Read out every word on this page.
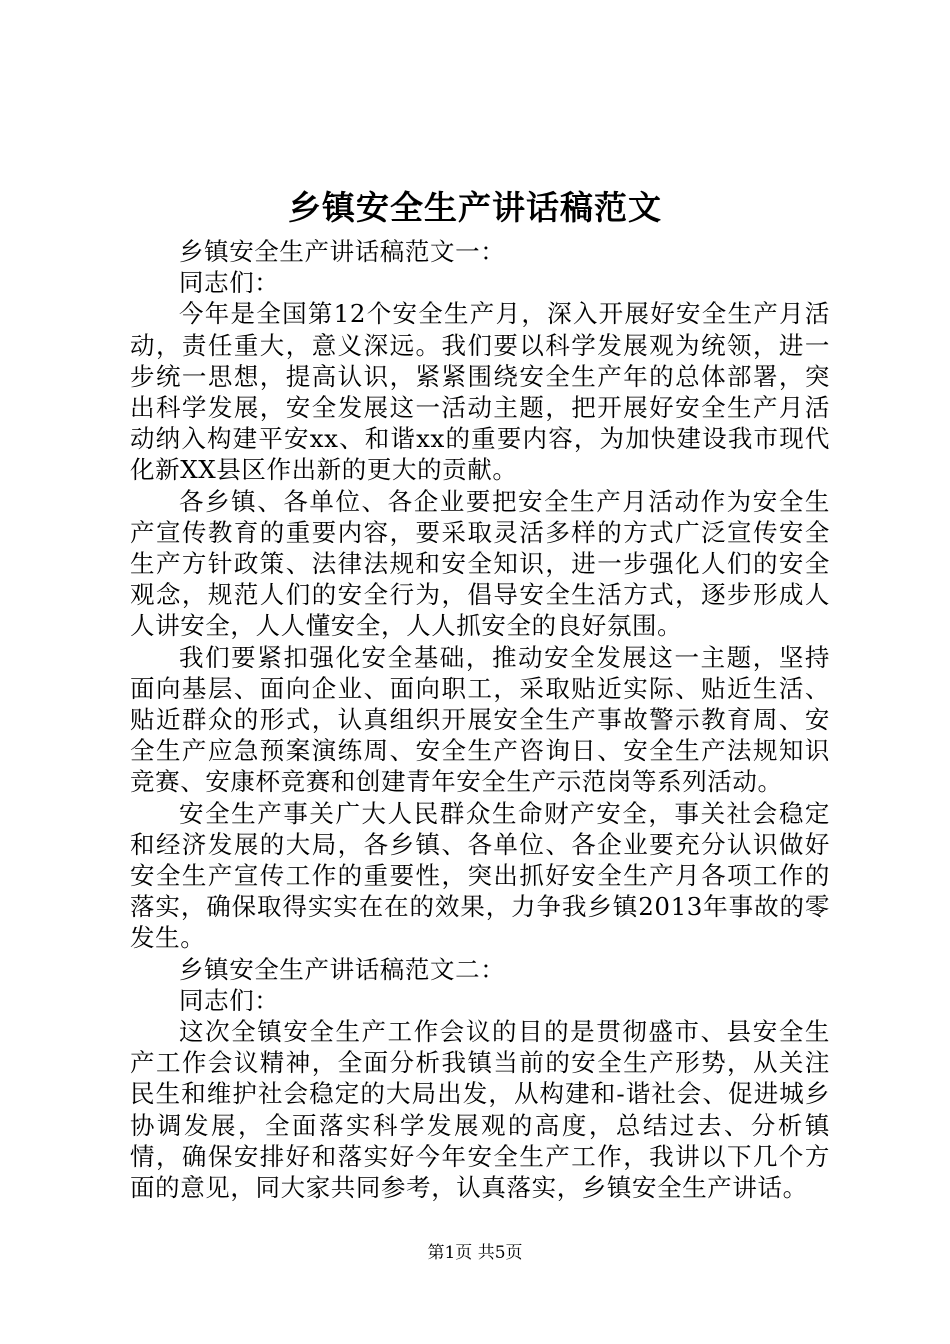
乡镇安全生产讲话稿范文

乡镇安全生产讲话稿范文一：

同志们：

今年是全国第12个安全生产月，深入开展好安全生产月活动，责任重大，意义深远。我们要以科学发展观为统领，进一步统一思想，提高认识，紧紧围绕安全生产年的总体部署，突出科学发展，安全发展这一活动主题，把开展好安全生产月活动纳入构建平安xx、和谐xx的重要内容，为加快建设我市现代化新XX县区作出新的更大的贡献。

各乡镇、各单位、各企业要把安全生产月活动作为安全生产宣传教育的重要内容，要采取灵活多样的方式广泛宣传安全生产方针政策、法律法规和安全知识，进一步强化人们的安全观念，规范人们的安全行为，倡导安全生活方式，逐步形成人人讲安全，人人懂安全，人人抓安全的良好氛围。

我们要紧扣强化安全基础，推动安全发展这一主题，坚持面向基层、面向企业、面向职工，采取贴近实际、贴近生活、贴近群众的形式，认真组织开展安全生产事故警示教育周、安全生产应急预案演练周、安全生产咨询日、安全生产法规知识竞赛、安康杯竞赛和创建青年安全生产示范岗等系列活动。

安全生产事关广大人民群众生命财产安全，事关社会稳定和经济发展的大局，各乡镇、各单位、各企业要充分认识做好安全生产宣传工作的重要性，突出抓好安全生产月各项工作的落实，确保取得实实在在的效果，力争我乡镇2013年事故的零发生。

乡镇安全生产讲话稿范文二：

同志们：

这次全镇安全生产工作会议的目的是贯彻盛市、县安全生产工作会议精神，全面分析我镇当前的安全生产形势，从关注民生和维护社会稳定的大局出发，从构建和-谐社会、促进城乡协调发展，全面落实科学发展观的高度，总结过去、分析镇情，确保安排好和落实好今年安全生产工作，我讲以下几个方面的意见，同大家共同参考，认真落实，乡镇安全生产讲话。

第1页 共5页
